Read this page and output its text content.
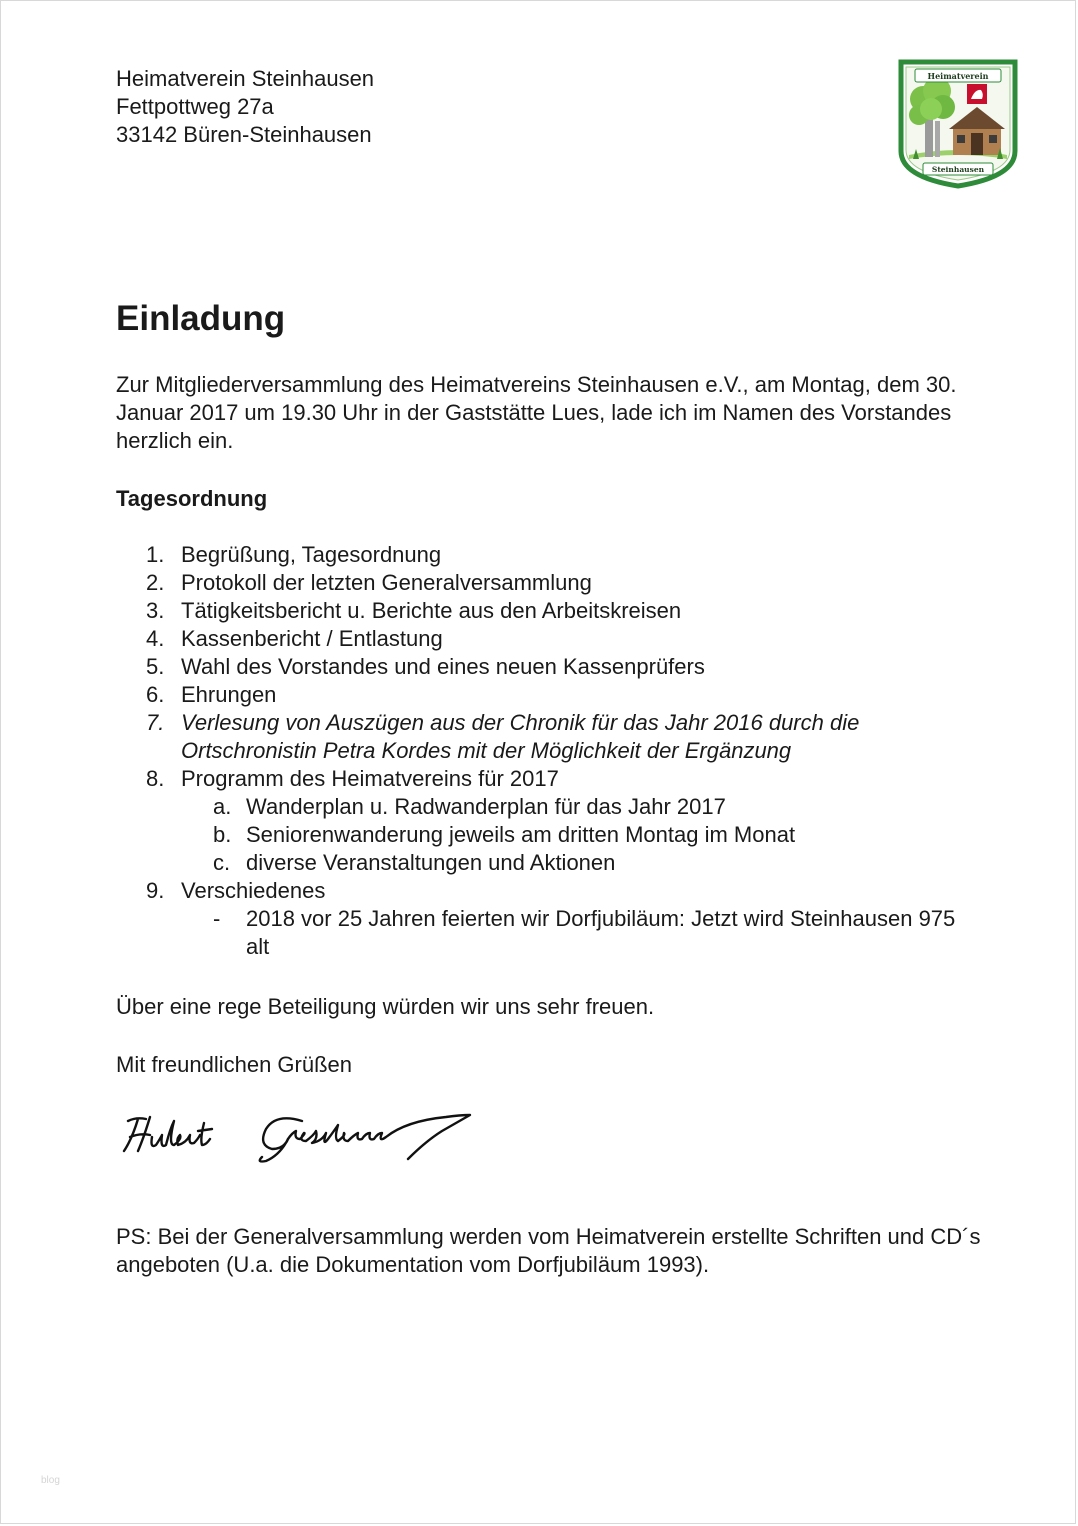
Heimatverein Steinhausen
Fettpottweg 27a
33142 Büren-Steinhausen
Heimatverein
Steinhausen
Einladung

Zur Mitgliederversammlung des Heimatvereins Steinhausen e.V., am Montag, dem 30. Januar 2017 um 19.30 Uhr in der Gaststätte Lues, lade ich im Namen des Vorstandes herzlich ein.

Tagesordnung
1. Begrüßung, Tagesordnung
2. Protokoll der letzten Generalversammlung
3. Tätigkeitsbericht u. Berichte aus den Arbeitskreisen
4. Kassenbericht / Entlastung
5. Wahl des Vorstandes und eines neuen Kassenprüfers
6. Ehrungen
7. Verlesung von Auszügen aus der Chronik für das Jahr 2016 durch die Ortschronistin Petra Kordes mit der Möglichkeit der Ergänzung
8. Programm des Heimatvereins für 2017
a. Wanderplan u. Radwanderplan für das Jahr 2017
b. Seniorenwanderung jeweils am dritten Montag im Monat
c. diverse Veranstaltungen und Aktionen
9. Verschiedenes
-	2018 vor 25 Jahren feierten wir Dorfjubiläum: Jetzt wird Steinhausen 975 alt

Über eine rege Beteiligung würden wir uns sehr freuen.

Mit freundlichen Grüßen

PS: Bei der Generalversammlung werden vom Heimatverein erstellte Schriften und CD´s angeboten (U.a. die Dokumentation vom Dorfjubiläum 1993).

blog
